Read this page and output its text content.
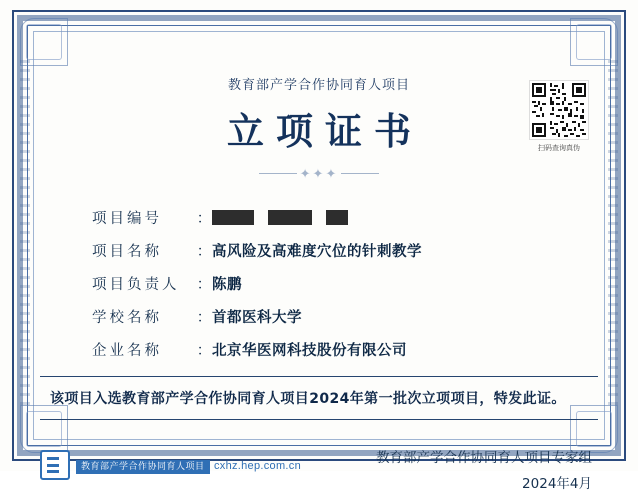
扫码查询真伪
教育部产学合作协同育人项目
立项证书
✦✦✦
项目编号	：
项目名称	： 高风险及高难度穴位的针刺教学
项目负责人	： 陈鹏
学校名称	： 首都医科大学
企业名称	： 北京华医网科技股份有限公司
该项目入选教育部产学合作协同育人项目2024年第一批次立项项目，特发此证。
教育部产学合作协同育人项目 cxhz.hep.com.cn	教育部产学合作协同育人项目专家组
2024年4月
